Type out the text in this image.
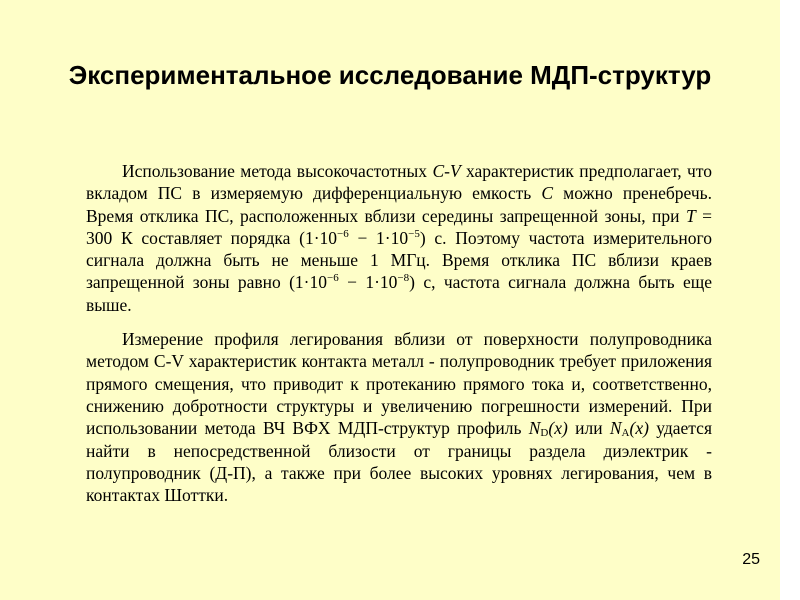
Экспериментальное исследование МДП-структур

Использование метода высокочастотных С-V характеристик предполагает, что вкладом ПС в измеряемую дифференциальную емкость С можно пренебречь. Время отклика ПС, расположенных вблизи середины запрещенной зоны, при T = 300 К составляет порядка $(1\cdot 10^{-6} - 1\cdot 10^{-5})$ с. Поэтому частота измерительного сигнала должна быть не меньше 1 МГц. Время отклика ПС вблизи краев запрещенной зоны равно $(1\cdot 10^{-6} - 1\cdot 10^{-8})$ с, частота сигнала должна быть еще выше.

Измерение профиля легирования вблизи от поверхности полупроводника методом С-V характеристик контакта металл - полупроводник требует приложения прямого смещения, что приводит к протеканию прямого тока и, соответственно, снижению добротности структуры и увеличению погрешности измерений. При использовании метода ВЧ ВФХ МДП-структур профиль $N_D(x)$ или $N_A(x)$ удается найти в непосредственной близости от границы раздела диэлектрик - полупроводник (Д-П), а также при более высоких уровнях легирования, чем в контактах Шоттки.

25
